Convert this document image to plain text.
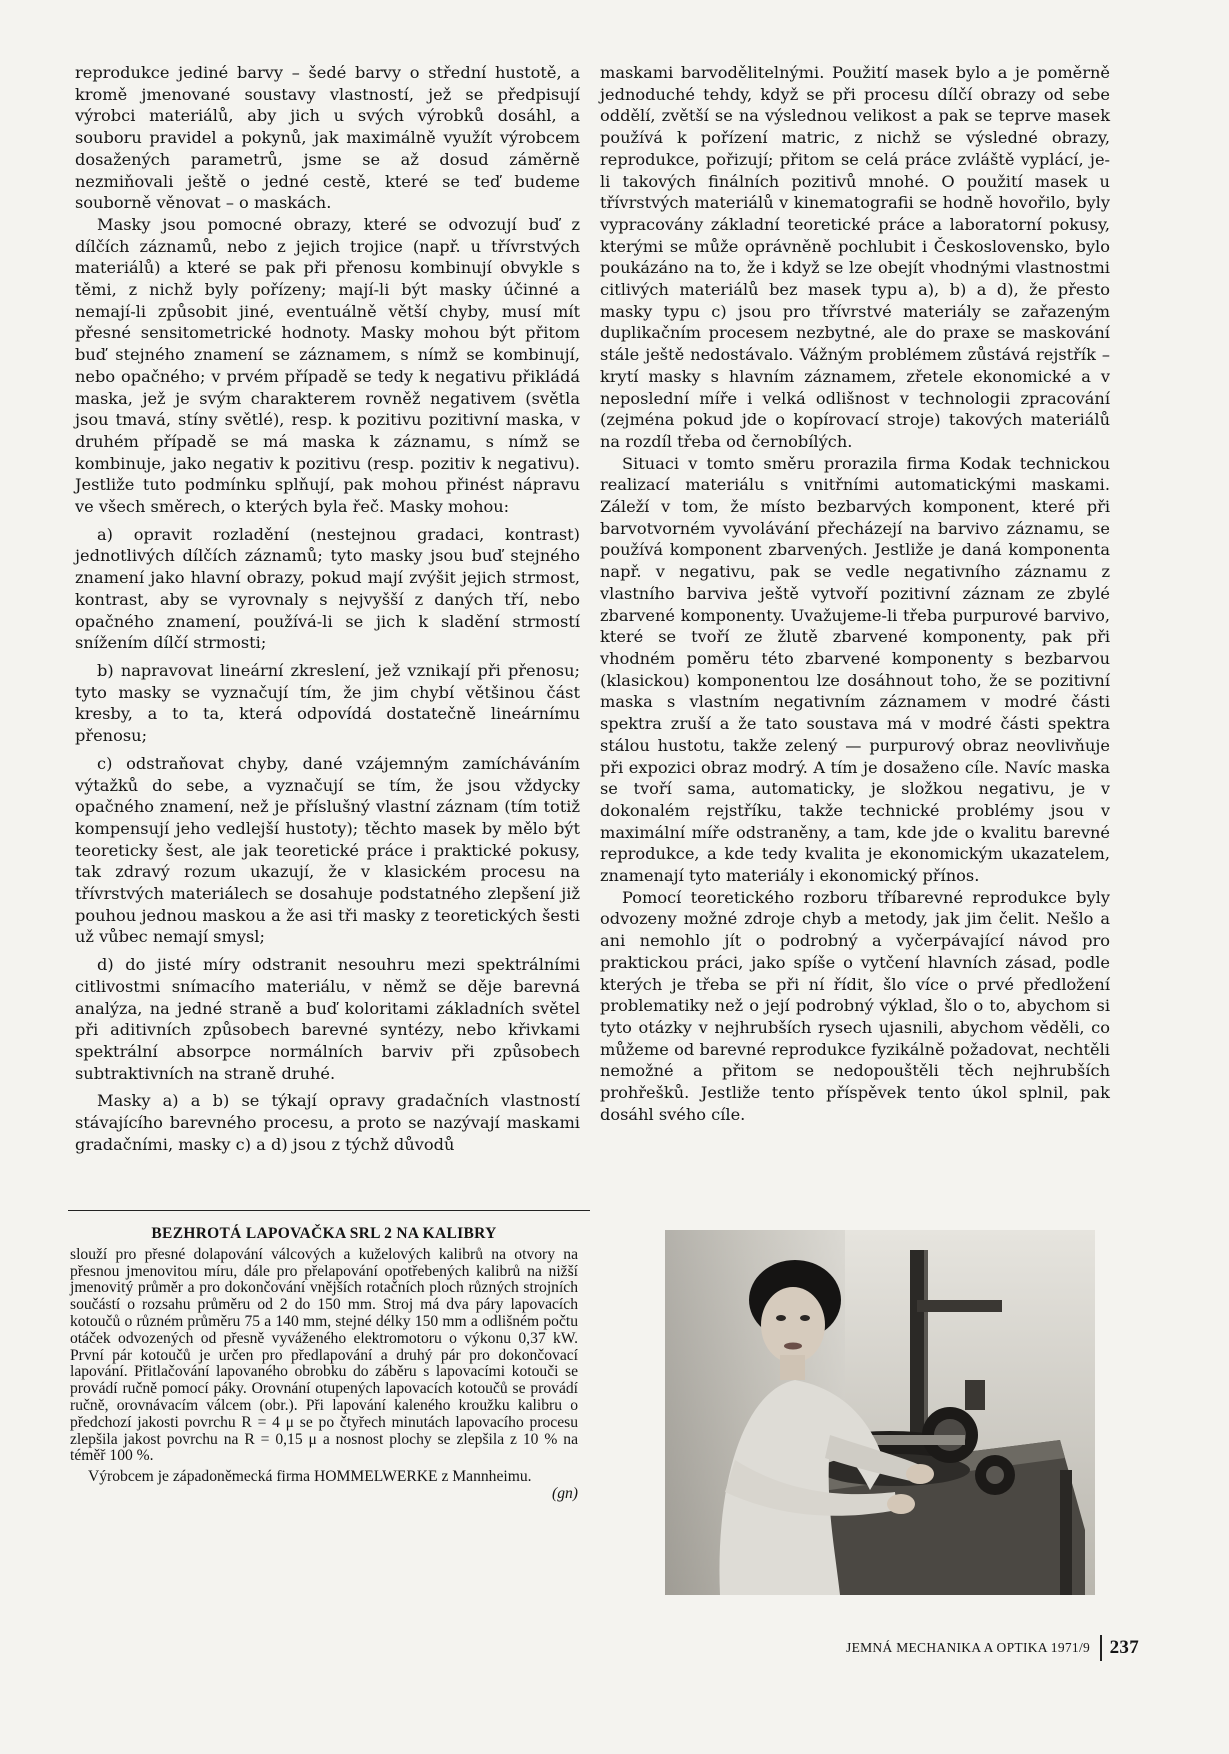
reprodukce jediné barvy – šedé barvy o střední hustotě, a kromě jmenované soustavy vlastností, jež se předpisují výrobci materiálů, aby jich u svých výrobků dosáhl, a souboru pravidel a pokynů, jak maximálně využít výrobcem dosažených parametrů, jsme se až dosud záměrně nezmiňovali ještě o jedné cestě, které se teď budeme souborně věnovat – o maskách.

Masky jsou pomocné obrazy, které se odvozují buď z dílčích záznamů, nebo z jejich trojice (např. u třívrstvých materiálů) a které se pak při přenosu kombinují obvykle s těmi, z nichž byly pořízeny; mají-li být masky účinné a nemají-li způsobit jiné, eventuálně větší chyby, musí mít přesné sensitometrické hodnoty. Masky mohou být přitom buď stejného znamení se záznamem, s nímž se kombinují, nebo opačného; v prvém případě se tedy k negativu přikládá maska, jež je svým charakterem rovněž negativem (světla jsou tmavá, stíny světlé), resp. k pozitivu pozitivní maska, v druhém případě se má maska k záznamu, s nímž se kombinuje, jako negativ k pozitivu (resp. pozitiv k negativu). Jestliže tuto podmínku splňují, pak mohou přinést nápravu ve všech směrech, o kterých byla řeč. Masky mohou:

a) opravit rozladění (nestejnou gradaci, kontrast) jednotlivých dílčích záznamů; tyto masky jsou buď stejného znamení jako hlavní obrazy, pokud mají zvýšit jejich strmost, kontrast, aby se vyrovnaly s nejvyšší z daných tří, nebo opačného znamení, používá-li se jich k sladění strmostí snížením dílčí strmosti;

b) napravovat lineární zkreslení, jež vznikají při přenosu; tyto masky se vyznačují tím, že jim chybí většinou část kresby, a to ta, která odpovídá dostatečně lineárnímu přenosu;

c) odstraňovat chyby, dané vzájemným zamícháváním výtažků do sebe, a vyznačují se tím, že jsou vždycky opačného znamení, než je příslušný vlastní záznam (tím totiž kompensují jeho vedlejší hustoty); těchto masek by mělo být teoreticky šest, ale jak teoretické práce i praktické pokusy, tak zdravý rozum ukazují, že v klasickém procesu na třívrstvých materiálech se dosahuje podstatného zlepšení již pouhou jednou maskou a že asi tři masky z teoretických šesti už vůbec nemají smysl;

d) do jisté míry odstranit nesouhru mezi spektrálními citlivostmi snímacího materiálu, v němž se děje barevná analýza, na jedné straně a buď koloritami základních světel při aditivních způsobech barevné syntézy, nebo křivkami spektrální absorpce normálních barviv při způsobech subtraktivních na straně druhé.

Masky a) a b) se týkají opravy gradačních vlastností stávajícího barevného procesu, a proto se nazývají maskami gradačními, masky c) a d) jsou z týchž důvodů

maskami barvodělitelnými. Použití masek bylo a je poměrně jednoduché tehdy, když se při procesu dílčí obrazy od sebe oddělí, zvětší se na výslednou velikost a pak se teprve masek používá k pořízení matric, z nichž se výsledné obrazy, reprodukce, pořizují; přitom se celá práce zvláště vyplácí, je-li takových finálních pozitivů mnohé. O použití masek u třívrstvých materiálů v kinematografii se hodně hovořilo, byly vypracovány základní teoretické práce a laboratorní pokusy, kterými se může oprávněně pochlubit i Československo, bylo poukázáno na to, že i když se lze obejít vhodnými vlastnostmi citlivých materiálů bez masek typu a), b) a d), že přesto masky typu c) jsou pro třívrstvé materiály se zařazeným duplikačním procesem nezbytné, ale do praxe se maskování stále ještě nedostávalo. Vážným problémem zůstává rejstřík – krytí masky s hlavním záznamem, zřetele ekonomické a v neposlední míře i velká odlišnost v technologii zpracování (zejména pokud jde o kopírovací stroje) takových materiálů na rozdíl třeba od černobílých.

Situaci v tomto směru prorazila firma Kodak technickou realizací materiálu s vnitřními automatickými maskami. Záleží v tom, že místo bezbarvých komponent, které při barvotvorném vyvolávání přecházejí na barvivo záznamu, se používá komponent zbarvených. Jestliže je daná komponenta např. v negativu, pak se vedle negativního záznamu z vlastního barviva ještě vytvoří pozitivní záznam ze zbylé zbarvené komponenty. Uvažujeme-li třeba purpurové barvivo, které se tvoří ze žlutě zbarvené komponenty, pak při vhodném poměru této zbarvené komponenty s bezbarvou (klasickou) komponentou lze dosáhnout toho, že se pozitivní maska s vlastním negativním záznamem v modré části spektra zruší a že tato soustava má v modré části spektra stálou hustotu, takže zelený — purpurový obraz neovlivňuje při expozici obraz modrý. A tím je dosaženo cíle. Navíc maska se tvoří sama, automaticky, je složkou negativu, je v dokonalém rejstříku, takže technické problémy jsou v maximální míře odstraněny, a tam, kde jde o kvalitu barevné reprodukce, a kde tedy kvalita je ekonomickým ukazatelem, znamenají tyto materiály i ekonomický přínos.

Pomocí teoretického rozboru tříbarevné reprodukce byly odvozeny možné zdroje chyb a metody, jak jim čelit. Nešlo a ani nemohlo jít o podrobný a vyčerpávající návod pro praktickou práci, jako spíše o vytčení hlavních zásad, podle kterých je třeba se při ní řídit, šlo více o prvé předložení problematiky než o její podrobný výklad, šlo o to, abychom si tyto otázky v nejhrubších rysech ujasnili, abychom věděli, co můžeme od barevné reprodukce fyzikálně požadovat, nechtěli nemožné a přitom se nedopouštěli těch nejhrubších prohřešků. Jestliže tento příspěvek tento úkol splnil, pak dosáhl svého cíle.

BEZHROTÁ LAPOVAČKA SRL 2 NA KALIBRY

slouží pro přesné dolapování válcových a kuželových kalibrů na otvory na přesnou jmenovitou míru, dále pro přelapování opotřebených kalibrů na nižší jmenovitý průměr a pro dokončování vnějších rotačních ploch různých strojních součástí o rozsahu průměru od 2 do 150 mm. Stroj má dva páry lapovacích kotoučů o různém průměru 75 a 140 mm, stejné délky 150 mm a odlišném počtu otáček odvozených od přesně vyváženého elektromotoru o výkonu 0,37 kW. První pár kotoučů je určen pro předlapování a druhý pár pro dokončovací lapování. Přitlačování lapovaného obrobku do záběru s lapovacími kotouči se provádí ručně pomocí páky. Orovnání otupených lapovacích kotoučů se provádí ručně, orovnávacím válcem (obr.). Při lapování kaleného kroužku kalibru o předchozí jakosti povrchu R = 4 μ se po čtyřech minutách lapovacího procesu zlepšila jakost povrchu na R = 0,15 μ a nosnost plochy se zlepšila z 10 % na téměř 100 %.

Výrobcem je západoněmecká firma HOMMELWERKE z Mannheimu.

(gn)

JEMNÁ MECHANIKA A OPTIKA 1971/9 237
